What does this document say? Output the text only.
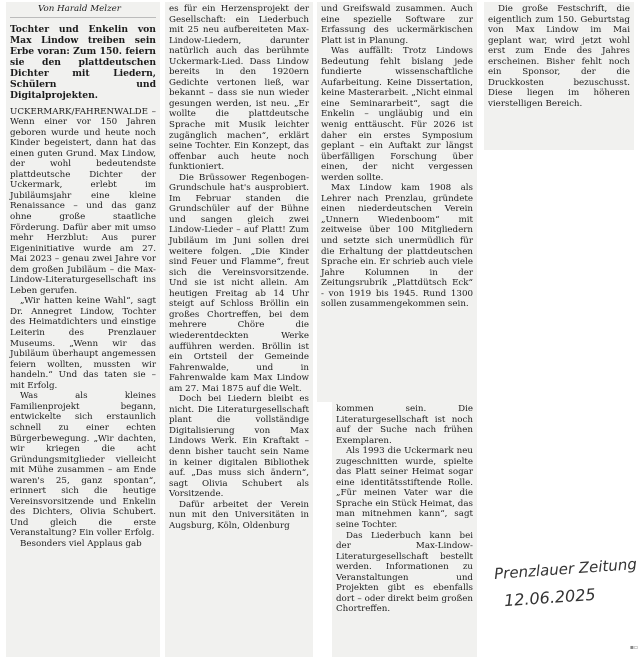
Von Harald Melzer

Tochter und Enkelin von Max Lindow treiben sein Erbe voran: Zum 150. feiern sie den plattdeutschen Dichter mit Liedern, Schülern und Digitalprojekten.

UCKERMARK/FAHRENWALDE – Wenn einer vor 150 Jahren geboren wurde und heute noch Kinder begeistert, dann hat das einen guten Grund. Max Lindow, der wohl bedeutendste plattdeutsche Dichter der Uckermark, erlebt im Jubiläumsjahr eine kleine Renaissance – und das ganz ohne große staatliche Förderung. Dafür aber mit umso mehr Herzblut: Aus purer Eigeninitiative wurde am 27. Mai 2023 – genau zwei Jahre vor dem großen Jubiläum – die Max-Lindow-Literaturgesellschaft ins Leben gerufen.

„Wir hatten keine Wahl“, sagt Dr. Annegret Lindow, Tochter des Heimatdichters und einstige Leiterin des Prenzlauer Museums. „Wenn wir das Jubiläum überhaupt angemessen feiern wollten, mussten wir handeln.“ Und das taten sie – mit Erfolg.

Was als kleines Familienprojekt begann, entwickelte sich erstaunlich schnell zu einer echten Bürgerbewegung. „Wir dachten, wir kriegen die acht Gründungsmitglieder vielleicht mit Mühe zusammen – am Ende waren's 25, ganz spontan“, erinnert sich die heutige Vereinsvorsitzende und Enkelin des Dichters, Olivia Schubert. Und gleich die erste Veranstaltung? Ein voller Erfolg.

Besonders viel Applaus gab

es für ein Herzensprojekt der Gesellschaft: ein Liederbuch mit 25 neu aufbereiteten Max-Lindow-Liedern, darunter natürlich auch das berühmte Uckermark-Lied. Dass Lindow bereits in den 1920ern Gedichte vertonen ließ, war bekannt – dass sie nun wieder gesungen werden, ist neu. „Er wollte die plattdeutsche Sprache mit Musik leichter zugänglich machen“, erklärt seine Tochter. Ein Konzept, das offenbar auch heute noch funktioniert.

Die Brüssower Regenbogen-Grundschule hat's ausprobiert. Im Februar standen die Grundschüler auf der Bühne und sangen gleich zwei Lindow-Lieder – auf Platt! Zum Jubiläum im Juni sollen drei weitere folgen. „Die Kinder sind Feuer und Flamme“, freut sich die Vereinsvorsitzende. Und sie ist nicht allein. Am heutigen Freitag ab 14 Uhr steigt auf Schloss Bröllin ein großes Chortreffen, bei dem mehrere Chöre die wiederentdeckten Werke aufführen werden. Bröllin ist ein Ortsteil der Gemeinde Fahrenwalde, und in Fahrenwalde kam Max Lindow am 27. Mai 1875 auf die Welt.

Doch bei Liedern bleibt es nicht. Die Literaturgesellschaft plant die vollständige Digitalisierung von Max Lindows Werk. Ein Kraftakt – denn bisher taucht sein Name in keiner digitalen Bibliothek auf. „Das muss sich ändern“, sagt Olivia Schubert als Vorsitzende.

Dafür arbeitet der Verein nun mit den Universitäten in Augsburg, Köln, Oldenburg

und Greifswald zusammen. Auch eine spezielle Software zur Erfassung des uckermärkischen Platt ist in Planung.

Was auffällt: Trotz Lindows Bedeutung fehlt bislang jede fundierte wissenschaftliche Aufarbeitung. Keine Dissertation, keine Masterarbeit. „Nicht einmal eine Seminararbeit“, sagt die Enkelin – ungläubig und ein wenig enttäuscht. Für 2026 ist daher ein erstes Symposium geplant – ein Auftakt zur längst überfälligen Forschung über einen, der nicht vergessen werden sollte.

Max Lindow kam 1908 als Lehrer nach Prenzlau, gründete einen niederdeutschen Verein „Unnern Wiedenboom“ mit zeitweise über 100 Mitgliedern und setzte sich unermüdlich für die Erhaltung der plattdeutschen Sprache ein. Er schrieb auch viele Jahre Kolumnen in der Zeitungsrubrik „Plattdütsch Eck“ - von 1919 bis 1945. Rund 1300 sollen zusammengekommen sein.

kommen sein. Die Literaturgesellschaft ist noch auf der Suche nach frühen Exemplaren.

Als 1993 die Uckermark neu zugeschnitten wurde, spielte das Platt seiner Heimat sogar eine identitätsstiftende Rolle. „Für meinen Vater war die Sprache ein Stück Heimat, das man mitnehmen kann“, sagt seine Tochter.

Das Liederbuch kann bei der Max-Lindow-Literaturgesellschaft bestellt werden. Informationen zu Veranstaltungen und Projekten gibt es ebenfalls dort – oder direkt beim großen Chortreffen.

Die große Festschrift, die eigentlich zum 150. Geburtstag von Max Lindow im Mai geplant war, wird jetzt wohl erst zum Ende des Jahres erscheinen. Bisher fehlt noch ein Sponsor, der die Druckkosten bezuschusst. Diese liegen im höheren vierstelligen Bereich.

Prenzlauer Zeitung
12.06.2025
▪▫
